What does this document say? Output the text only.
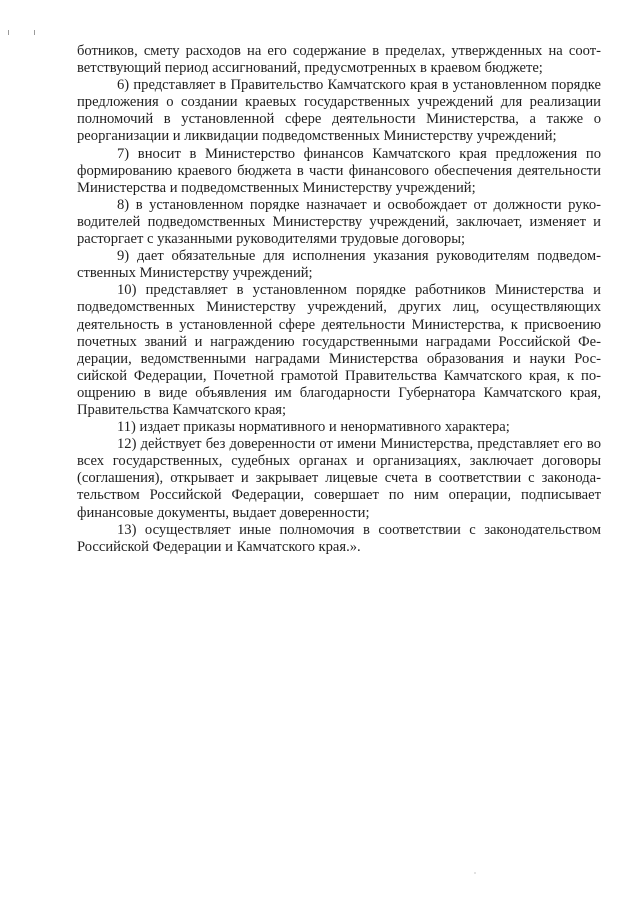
ботников, смету расходов на его содержание в пределах, утвержденных на соответствующий период ассигнований, предусмотренных в краевом бюджете;

6) представляет в Правительство Камчатского края в установленном порядке предложения о создании краевых государственных учреждений для реализации полномочий в установленной сфере деятельности Министерства, а также о реорганизации и ликвидации подведомственных Министерству учреждений;

7) вносит в Министерство финансов Камчатского края предложения по формированию краевого бюджета в части финансового обеспечения деятельности Министерства и подведомственных Министерству учреждений;

8) в установленном порядке назначает и освобождает от должности руководителей подведомственных Министерству учреждений, заключает, изменяет и расторгает с указанными руководителями трудовые договоры;

9) дает обязательные для исполнения указания руководителям подведомственных Министерству учреждений;

10) представляет в установленном порядке работников Министерства и подведомственных Министерству учреждений, других лиц, осуществляющих деятельность в установленной сфере деятельности Министерства, к присвоению почетных званий и награждению государственными наградами Российской Федерации, ведомственными наградами Министерства образования и науки Российской Федерации, Почетной грамотой Правительства Камчатского края, к поощрению в виде объявления им благодарности Губернатора Камчатского края, Правительства Камчатского края;

11) издает приказы нормативного и ненормативного характера;

12) действует без доверенности от имени Министерства, представляет его во всех государственных, судебных органах и организациях, заключает договоры (соглашения), открывает и закрывает лицевые счета в соответствии с законодательством Российской Федерации, совершает по ним операции, подписывает финансовые документы, выдает доверенности;

13) осуществляет иные полномочия в соответствии с законодательством Российской Федерации и Камчатского края.».
